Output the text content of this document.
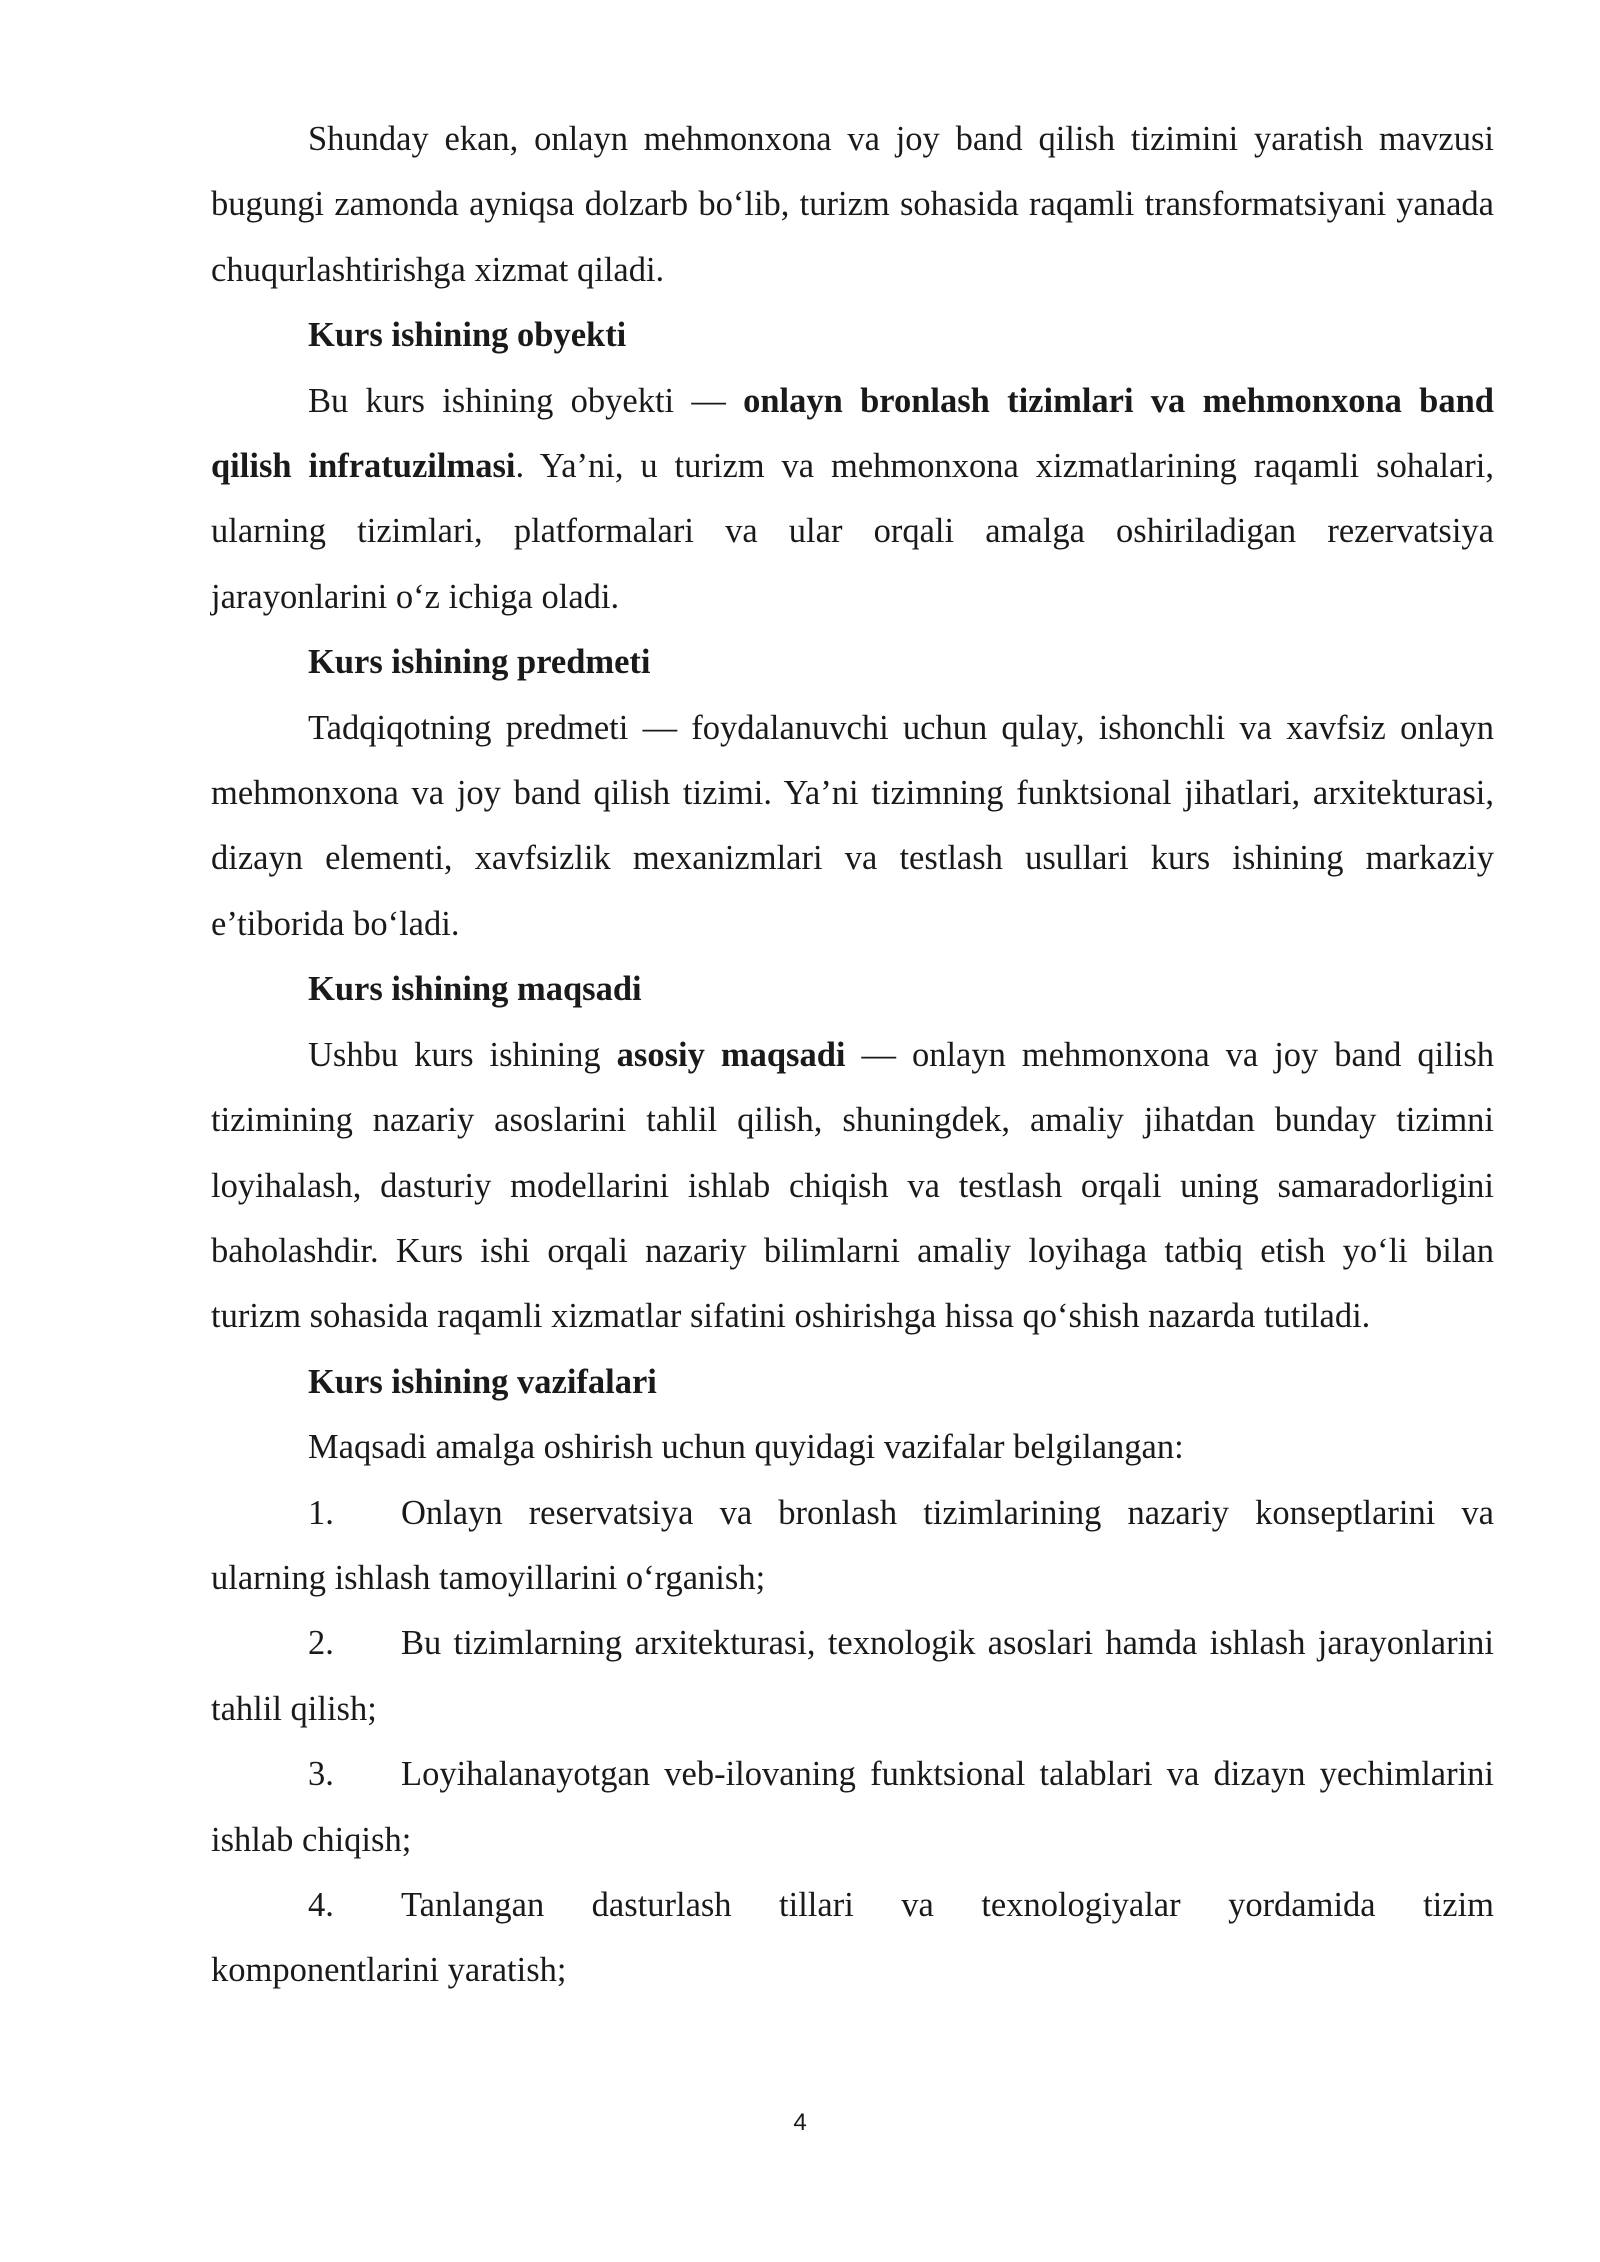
Shunday ekan, onlayn mehmonxona va joy band qilish tizimini yaratish mavzusi bugungi zamonda ayniqsa dolzarb bo‘lib, turizm sohasida raqamli transformatsiyani yanada chuqurlashtirishga xizmat qiladi.

Kurs ishining obyekti

Bu kurs ishining obyekti — onlayn bronlash tizimlari va mehmonxona band qilish infratuzilmasi. Ya’ni, u turizm va mehmonxona xizmatlarining raqamli sohalari, ularning tizimlari, platformalari va ular orqali amalga oshiriladigan rezervatsiya jarayonlarini o‘z ichiga oladi.

Kurs ishining predmeti

Tadqiqotning predmeti — foydalanuvchi uchun qulay, ishonchli va xavfsiz onlayn mehmonxona va joy band qilish tizimi. Ya’ni tizimning funktsional jihatlari, arxitekturasi, dizayn elementi, xavfsizlik mexanizmlari va testlash usullari kurs ishining markaziy e’tiborida bo‘ladi.

Kurs ishining maqsadi

Ushbu kurs ishining asosiy maqsadi — onlayn mehmonxona va joy band qilish tizimining nazariy asoslarini tahlil qilish, shuningdek, amaliy jihatdan bunday tizimni loyihalash, dasturiy modellarini ishlab chiqish va testlash orqali uning samaradorligini baholashdir. Kurs ishi orqali nazariy bilimlarni amaliy loyihaga tatbiq etish yo‘li bilan turizm sohasida raqamli xizmatlar sifatini oshirishga hissa qo‘shish nazarda tutiladi.

Kurs ishining vazifalari

Maqsadi amalga oshirish uchun quyidagi vazifalar belgilangan:

1. Onlayn reservatsiya va bronlash tizimlarining nazariy konseptlarini va ularning ishlash tamoyillarini o‘rganish;

2. Bu tizimlarning arxitekturasi, texnologik asoslari hamda ishlash jarayonlarini tahlil qilish;

3. Loyihalanayotgan veb-ilovaning funktsional talablari va dizayn yechimlarini ishlab chiqish;

4. Tanlangan dasturlash tillari va texnologiyalar yordamida tizim komponentlarini yaratish;

4
